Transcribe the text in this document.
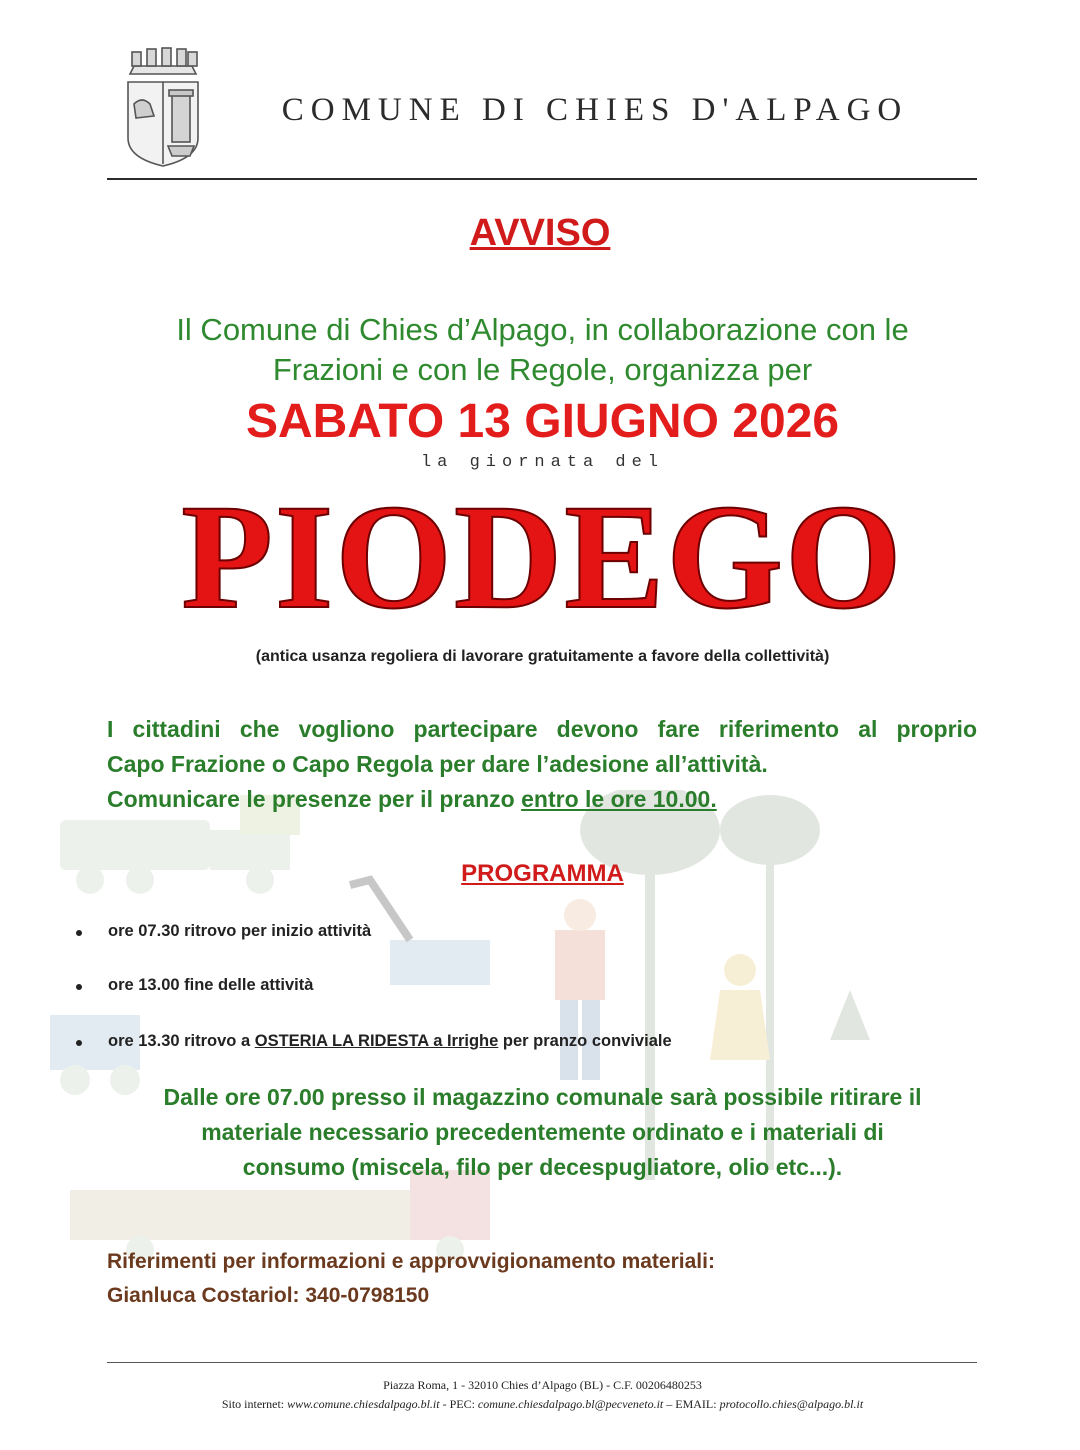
COMUNE DI CHIES D'ALPAGO
AVVISO
Il Comune di Chies d’Alpago, in collaborazione con le
Frazioni e con le Regole, organizza per
SABATO 13 GIUGNO 2026
la giornata del
PIODEGO
(antica usanza regoliera di lavorare gratuitamente a favore della collettività)
I cittadini che vogliono partecipare devono fare riferimento al proprio
Capo Frazione o Capo Regola per dare l’adesione all’attività.
Comunicare le presenze per il pranzo entro le ore 10.00.
PROGRAMMA
ore 07.30 ritrovo per inizio attività
ore 13.00 fine delle attività
ore 13.30 ritrovo a OSTERIA LA RIDESTA a Irrighe per pranzo conviviale
Dalle ore 07.00 presso il magazzino comunale sarà possibile ritirare il
materiale necessario precedentemente ordinato e i materiali di
consumo (miscela, filo per decespugliatore, olio etc...).
Riferimenti per informazioni e approvvigionamento materiali:
Gianluca Costariol: 340-0798150
Piazza Roma, 1 - 32010 Chies d’Alpago (BL) - C.F. 00206480253
Sito internet: www.comune.chiesdalpago.bl.it - PEC: comune.chiesdalpago.bl@pecveneto.it – EMAIL: protocollo.chies@alpago.bl.it
